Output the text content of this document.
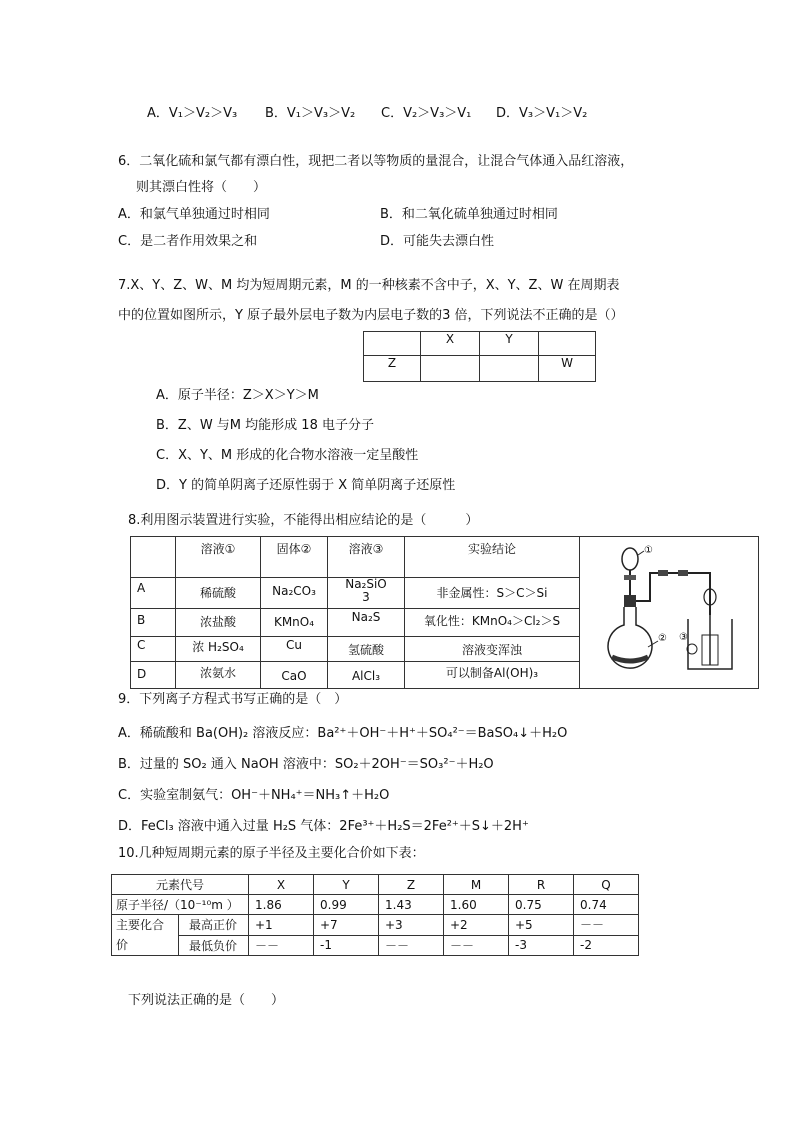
A．V₁＞V₂＞V₃ B．V₁＞V₃＞V₂ C．V₂＞V₃＞V₁ D．V₃＞V₁＞V₂
6．二氧化硫和氯气都有漂白性，现把二者以等物质的量混合，让混合气体通入品红溶液，
则其漂白性将（　　）
A．和氯气单独通过时相同	B．和二氧化硫单独通过时相同
C．是二者作用效果之和	D．可能失去漂白性
7.X、Y、Z、W、M 均为短周期元素，M 的一种核素不含中子，X、Y、Z、W 在周期表
中的位置如图所示，Y 原子最外层电子数为内层电子数的3 倍，下列说法不正确的是（）
	X	Y	
Z			W
A．原子半径：Z＞X＞Y＞M
B．Z、W 与M 均能形成 18 电子分子
C．X、Y、M 形成的化合物水溶液一定呈酸性
D．Y 的简单阴离子还原性弱于 X 简单阴离子还原性
8.利用图示装置进行实验，不能得出相应结论的是（　　　）
	溶液①	固体②	溶液③	实验结论	①
② ③

A	稀硫酸	Na₂CO₃	Na₂SiO
3	非金属性：S＞C＞Si	
B	浓盐酸	KMnO₄	Na₂S	氧化性：KMnO₄＞Cl₂＞S	
C	浓 H₂SO₄	Cu	氢硫酸	溶液变浑浊	
D	浓氨水	CaO	AlCl₃	可以制备Al(OH)₃	
9．下列离子方程式书写正确的是（　）
A．稀硫酸和 Ba(OH)₂ 溶液反应：Ba²⁺＋OH⁻＋H⁺＋SO₄²⁻＝BaSO₄↓＋H₂O
B．过量的 SO₂ 通入 NaOH 溶液中：SO₂＋2OH⁻＝SO₃²⁻＋H₂O
C．实验室制氨气：OH⁻＋NH₄⁺＝NH₃↑＋H₂O
D．FeCl₃ 溶液中通入过量 H₂S 气体：2Fe³⁺＋H₂S＝2Fe²⁺＋S↓＋2H⁺
10.几种短周期元素的原子半径及主要化合价如下表：
元素代号		X	Y	Z	M	R	Q
原子半径/（10⁻¹⁰m ）		1.86	0.99	1.43	1.60	0.75	0.74

主要化合
价	最高正价	+1	+7	+3	+2	+5	－－
	最低负价	－－	-1	－－	－－	-3	-2
下列说法正确的是（　　）
